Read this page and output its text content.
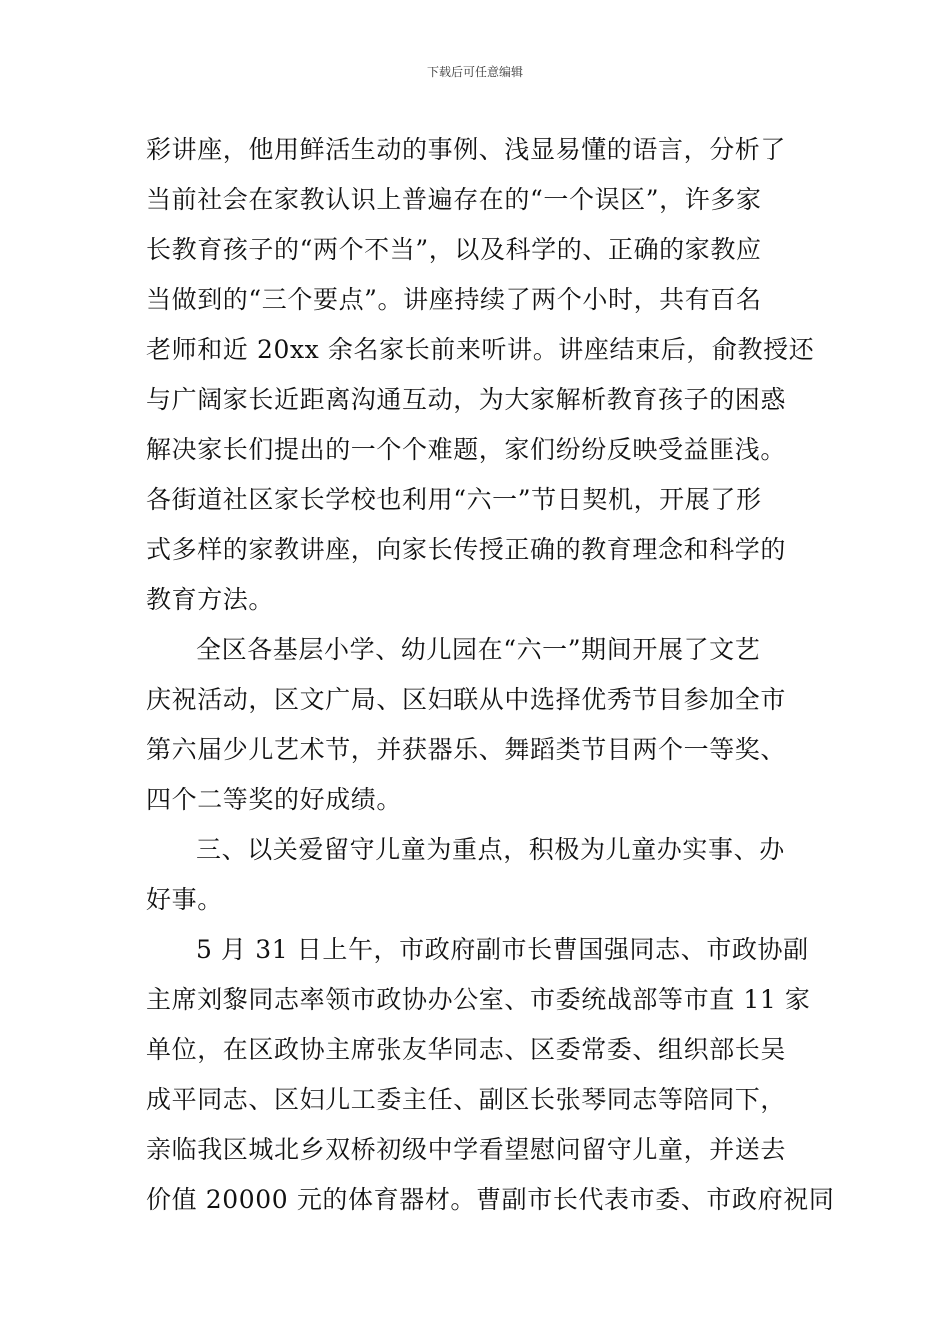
下载后可任意编辑
彩讲座，他用鲜活生动的事例、浅显易懂的语言，分析了
当前社会在家教认识上普遍存在的“一个误区”，许多家
长教育孩子的“两个不当”，以及科学的、正确的家教应
当做到的“三个要点”。讲座持续了两个小时，共有百名
老师和近 20xx 余名家长前来听讲。讲座结束后，俞教授还
与广阔家长近距离沟通互动，为大家解析教育孩子的困惑
解决家长们提出的一个个难题，家们纷纷反映受益匪浅。
各街道社区家长学校也利用“六一”节日契机，开展了形
式多样的家教讲座，向家长传授正确的教育理念和科学的
教育方法。
全区各基层小学、幼儿园在“六一”期间开展了文艺
庆祝活动，区文广局、区妇联从中选择优秀节目参加全市
第六届少儿艺术节，并获器乐、舞蹈类节目两个一等奖、
四个二等奖的好成绩。
三、以关爱留守儿童为重点，积极为儿童办实事、办
好事。
5 月 31 日上午，市政府副市长曹国强同志、市政协副
主席刘黎同志率领市政协办公室、市委统战部等市直 11 家
单位，在区政协主席张友华同志、区委常委、组织部长吴
成平同志、区妇儿工委主任、副区长张琴同志等陪同下，
亲临我区城北乡双桥初级中学看望慰问留守儿童，并送去
价值 20000 元的体育器材。曹副市长代表市委、市政府祝同
